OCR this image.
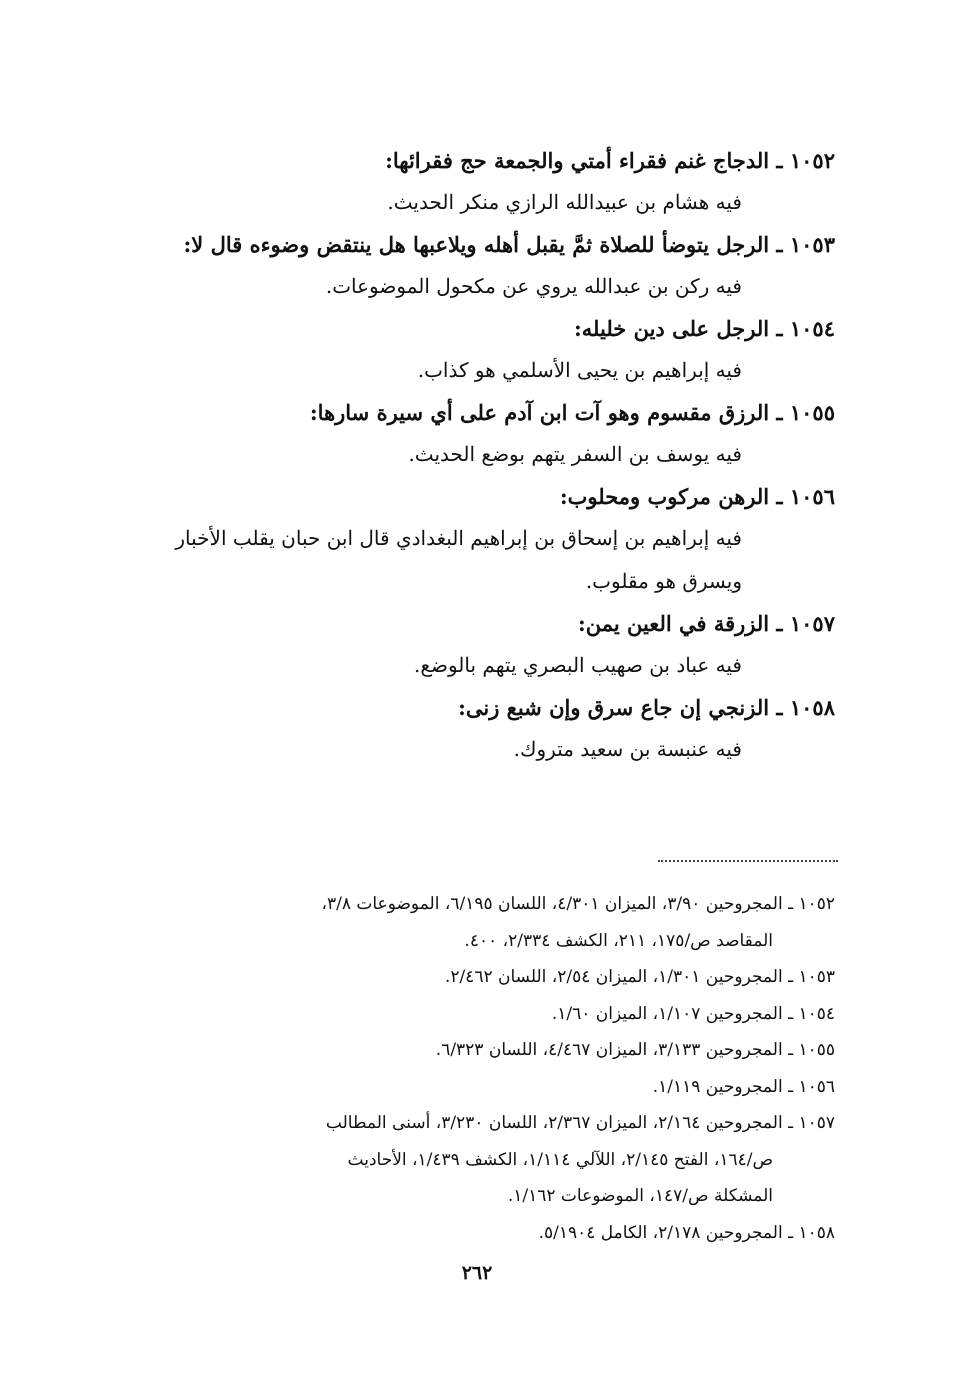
١٠٥٢ ـ الدجاج غنم فقراء أمتي والجمعة حج فقرائها:

فيه هشام بن عبيدالله الرازي منكر الحديث.

١٠٥٣ ـ الرجل يتوضأ للصلاة ثمَّ يقبل أهله ويلاعبها هل ينتقض وضوءه قال لا:

فيه ركن بن عبدالله يروي عن مكحول الموضوعات.

١٠٥٤ ـ الرجل على دين خليله:

فيه إبراهيم بن يحيى الأسلمي هو كذاب.

١٠٥٥ ـ الرزق مقسوم وهو آت ابن آدم على أي سيرة سارها:

فيه يوسف بن السفر يتهم بوضع الحديث.

١٠٥٦ ـ الرهن مركوب ومحلوب:

فيه إبراهيم بن إسحاق بن إبراهيم البغدادي قال ابن حبان يقلب الأخبار ويسرق هو مقلوب.

١٠٥٧ ـ الزرقة في العين يمن:

فيه عباد بن صهيب البصري يتهم بالوضع.

١٠٥٨ ـ الزنجي إن جاع سرق وإن شبع زنى:

فيه عنبسة بن سعيد متروك.

١٠٥٢ ـ المجروحين ٣/٩٠، الميزان ٤/٣٠١، اللسان ٦/١٩٥، الموضوعات ٣/٨،

المقاصد ص/١٧٥، ٢١١، الكشف ٢/٣٣٤، ٤٠٠.

١٠٥٣ ـ المجروحين ١/٣٠١، الميزان ٢/٥٤، اللسان ٢/٤٦٢.

١٠٥٤ ـ المجروحين ١/١٠٧، الميزان ١/٦٠.

١٠٥٥ ـ المجروحين ٣/١٣٣، الميزان ٤/٤٦٧، اللسان ٦/٣٢٣.

١٠٥٦ ـ المجروحين ١/١١٩.

١٠٥٧ ـ المجروحين ٢/١٦٤، الميزان ٢/٣٦٧، اللسان ٣/٢٣٠، أسنى المطالب

ص/١٦٤، الفتح ٢/١٤٥، اللآلي ١/١١٤، الكشف ١/٤٣٩، الأحاديث

المشكلة ص/١٤٧، الموضوعات ١/١٦٢.

١٠٥٨ ـ المجروحين ٢/١٧٨، الكامل ٥/١٩٠٤.

٢٦٢
